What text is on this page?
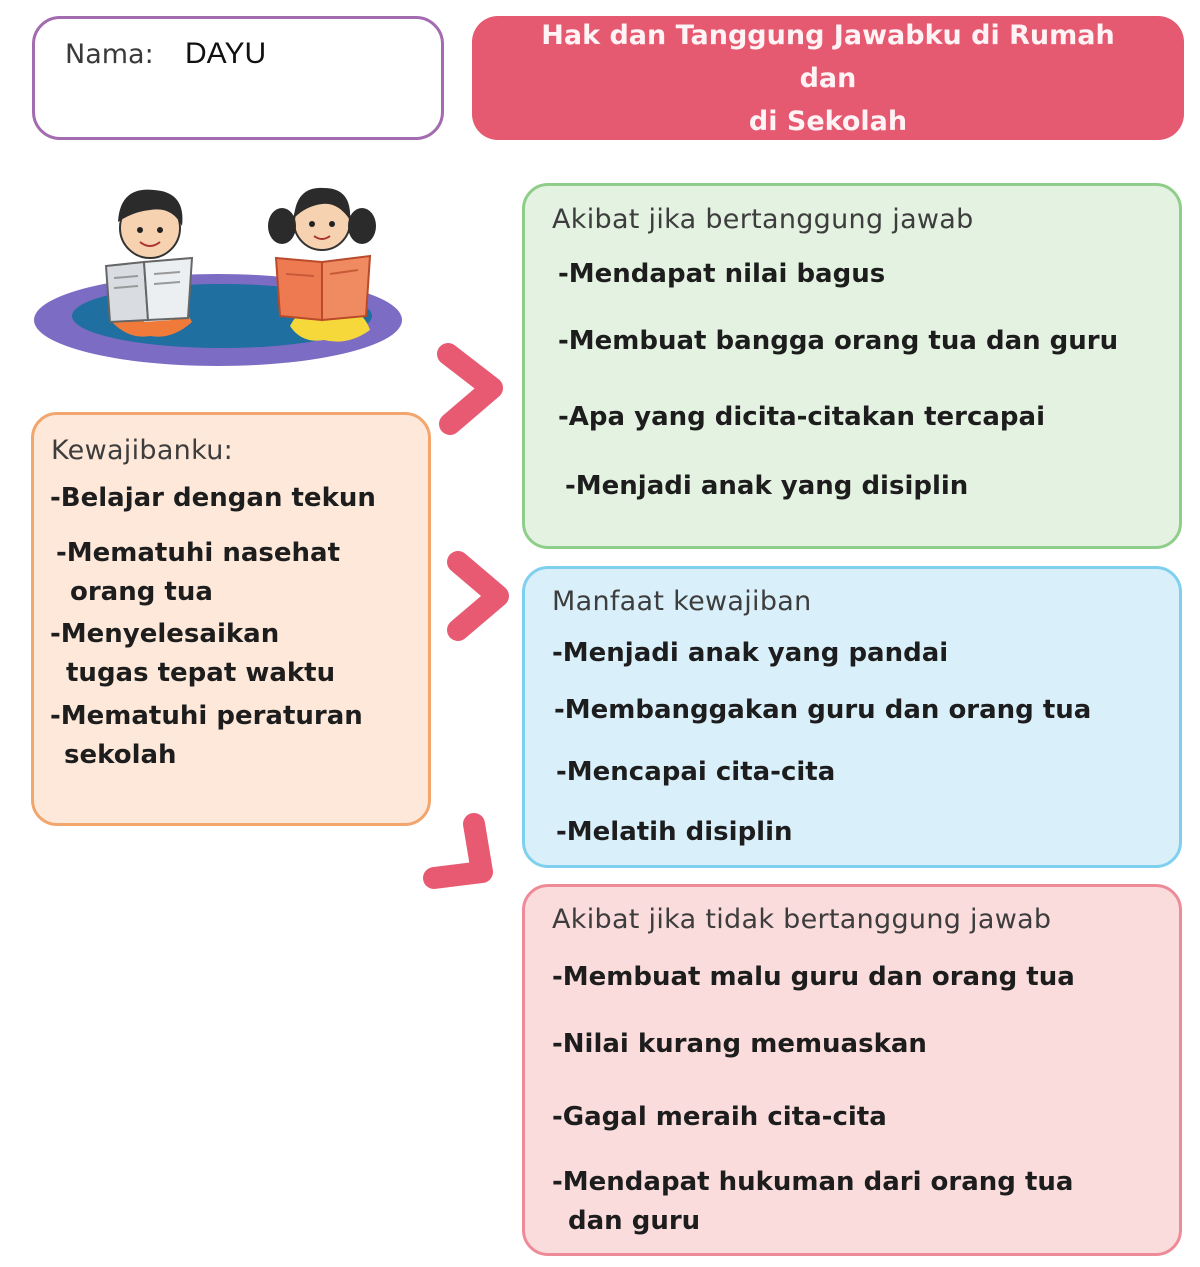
Nama: DAYU
Hak dan Tanggung Jawabku di Rumah dan
di Sekolah
Kewajibanku:
-Belajar dengan tekun
-Mematuhi nasehat
orang tua
-Menyelesaikan
tugas tepat waktu
-Mematuhi peraturan
sekolah
Akibat jika bertanggung jawab
-Mendapat nilai bagus
-Membuat bangga orang tua dan guru
-Apa yang dicita-citakan tercapai
-Menjadi anak yang disiplin
Manfaat kewajiban
-Menjadi anak yang pandai
-Membanggakan guru dan orang tua
-Mencapai cita-cita
-Melatih disiplin
Akibat jika tidak bertanggung jawab
-Membuat malu guru dan orang tua
-Nilai kurang memuaskan
-Gagal meraih cita-cita
-Mendapat hukuman dari orang tua
dan guru
